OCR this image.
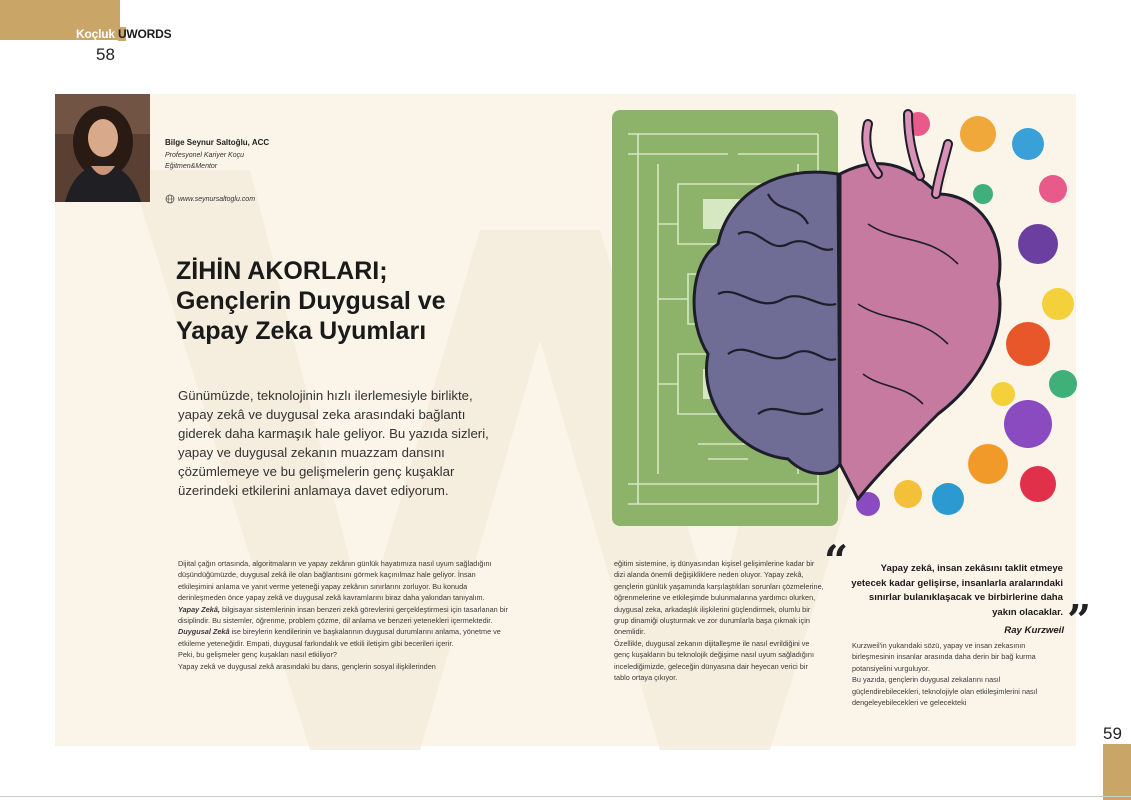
Koçluk UWORDS
58
59
Bilge Seynur Saltoğlu, ACC
Profesyonel Kariyer Koçu
Eğitmen&Mentor
www.seynursaltoglu.com
ZİHİN AKORLARI;
Gençlerin Duygusal ve
Yapay Zeka Uyumları
Günümüzde, teknolojinin hızlı ilerlemesiyle birlikte, yapay zekâ ve duygusal zeka arasındaki bağlantı giderek daha karmaşık hale geliyor. Bu yazıda sizleri, yapay ve duygusal zekanın muazzam dansını çözümlemeye ve bu gelişmelerin genç kuşaklar üzerindeki etkilerini anlamaya davet ediyorum.

Dijital çağın ortasında, algoritmaların ve yapay zekânın günlük hayatımıza nasıl uyum sağladığını düşündüğümüzde, duygusal zekâ ile olan bağlantısını görmek kaçınılmaz hale geliyor. İnsan etkileşimini anlama ve yanıt verme yeteneği yapay zekânın sınırlarını zorluyor. Bu konuda derinleşmeden önce yapay zekâ ve duygusal zekâ kavramlarını biraz daha yakından tanıyalım.

Yapay Zekâ, bilgisayar sistemlerinin insan benzeri zekâ görevlerini gerçekleştirmesi için tasarlanan bir disiplindir. Bu sistemler, öğrenme, problem çözme, dil anlama ve benzeri yetenekleri içermektedir.

Duygusal Zekâ ise bireylerin kendilerinin ve başkalarının duygusal durumlarını anlama, yönetme ve etkileme yeteneğidir. Empati, duygusal farkındalık ve etkili iletişim gibi becerileri içerir.

Peki, bu gelişmeler genç kuşakları nasıl etkiliyor?

Yapay zekâ ve duygusal zekâ arasındaki bu dans, gençlerin sosyal ilişkilerinden

eğitim sistemine, iş dünyasından kişisel gelişimlerine kadar bir dizi alanda önemli değişikliklere neden oluyor. Yapay zekâ, gençlerin günlük yaşamında karşılaştıkları sorunları çözmelerine, öğrenmelerine ve etkileşimde bulunmalarına yardımcı olurken, duygusal zeka, arkadaşlık ilişkilerini güçlendirmek, olumlu bir grup dinamiği oluşturmak ve zor durumlarla başa çıkmak için önemlidir.

Özellikle, duygusal zekanın dijitalleşme ile nasıl evrildiğini ve genç kuşakların bu teknolojik değişime nasıl uyum sağladığını incelediğimizde, geleceğin dünyasına dair heyecan verici bir tablo ortaya çıkıyor.

“	Yapay zekâ, insan zekâsını taklit etmeye yetecek kadar gelişirse, insanlarla aralarındaki sınırlar bulanıklaşacak ve birbirlerine daha yakın olacaklar.
Ray Kurzweil ”

Kurzweil'in yukarıdaki sözü, yapay ve insan zekasının birleşmesinin insanlar arasında daha derin bir bağ kurma potansiyelini vurguluyor.

Bu yazıda, gençlerin duygusal zekalarını nasıl güçlendirebilecekleri, teknolojiyle olan etkileşimlerini nasıl dengeleyebilecekleri ve gelecekteki
